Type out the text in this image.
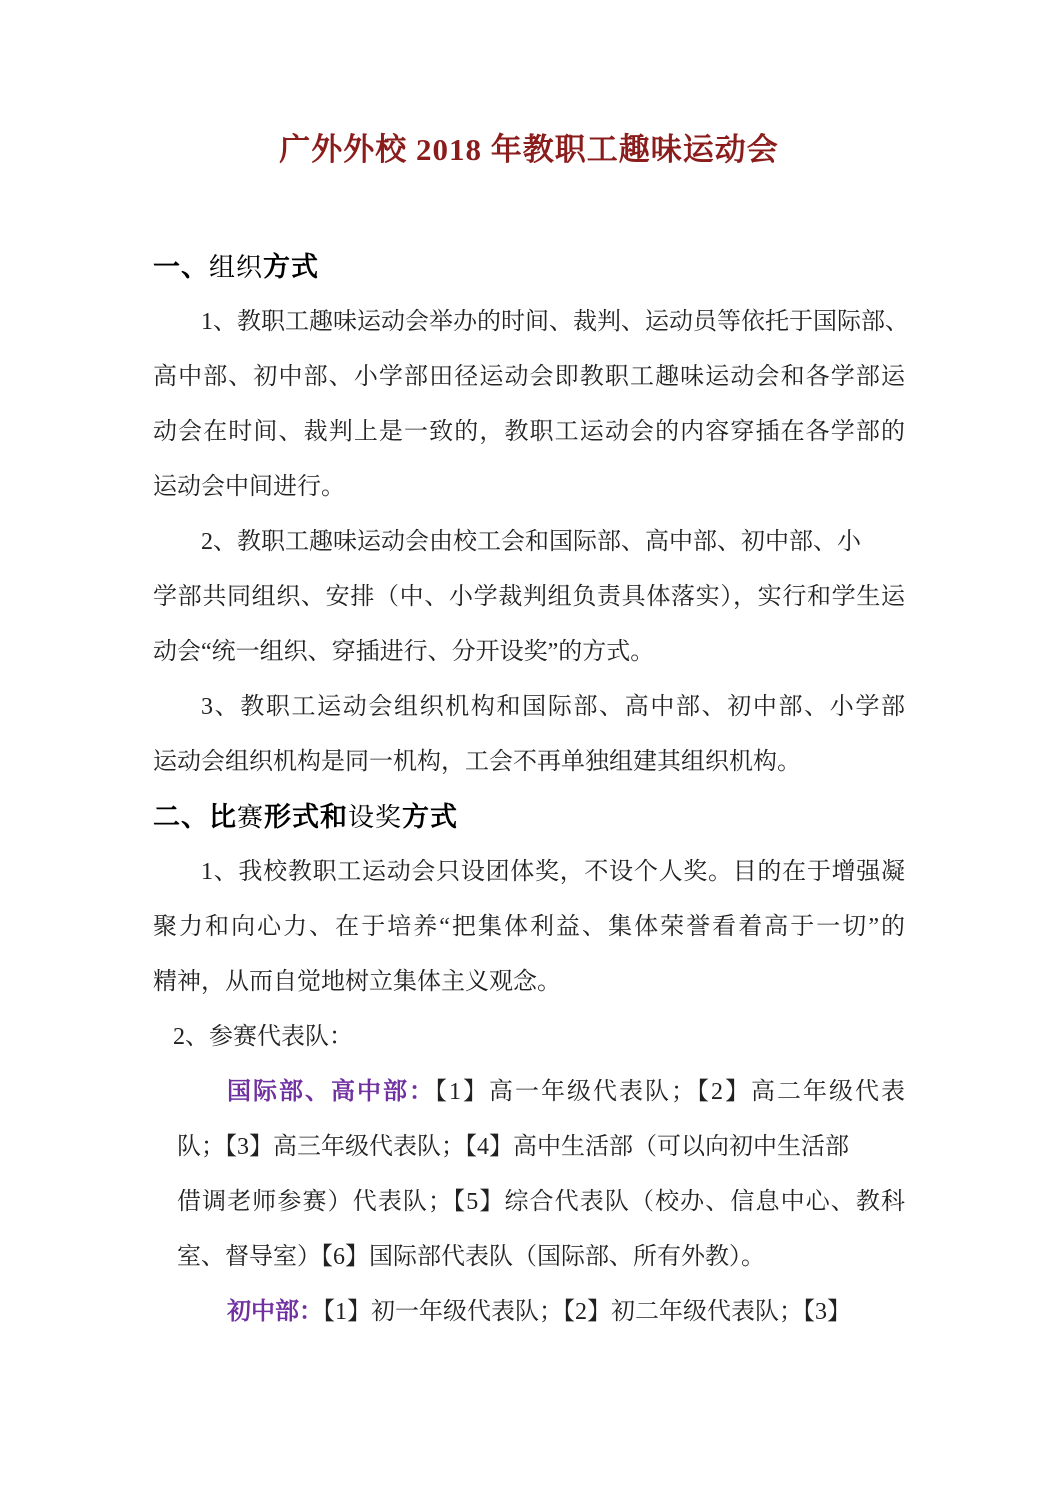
广外外校 2018 年教职工趣味运动会
一、组织方式
1、教职工趣味运动会举办的时间、裁判、运动员等依托于国际部、
高中部、初中部、小学部田径运动会即教职工趣味运动会和各学部运
动会在时间、裁判上是一致的，教职工运动会的内容穿插在各学部的
运动会中间进行。
2、教职工趣味运动会由校工会和国际部、高中部、初中部、小
学部共同组织、安排（中、小学裁判组负责具体落实），实行和学生运
动会“统一组织、穿插进行、分开设奖”的方式。
3、教职工运动会组织机构和国际部、高中部、初中部、小学部
运动会组织机构是同一机构，工会不再单独组建其组织机构。
二、比赛形式和设奖方式
1、我校教职工运动会只设团体奖，不设个人奖。目的在于增强凝
聚力和向心力、在于培养“把集体利益、集体荣誉看着高于一切”的
精神，从而自觉地树立集体主义观念。
2、参赛代表队：
国际部、高中部：【1】高一年级代表队；【2】高二年级代表
队；【3】高三年级代表队；【4】高中生活部（可以向初中生活部
借调老师参赛）代表队；【5】综合代表队（校办、信息中心、教科
室、督导室）【6】国际部代表队（国际部、所有外教）。
初中部：【1】初一年级代表队；【2】初二年级代表队；【3】
